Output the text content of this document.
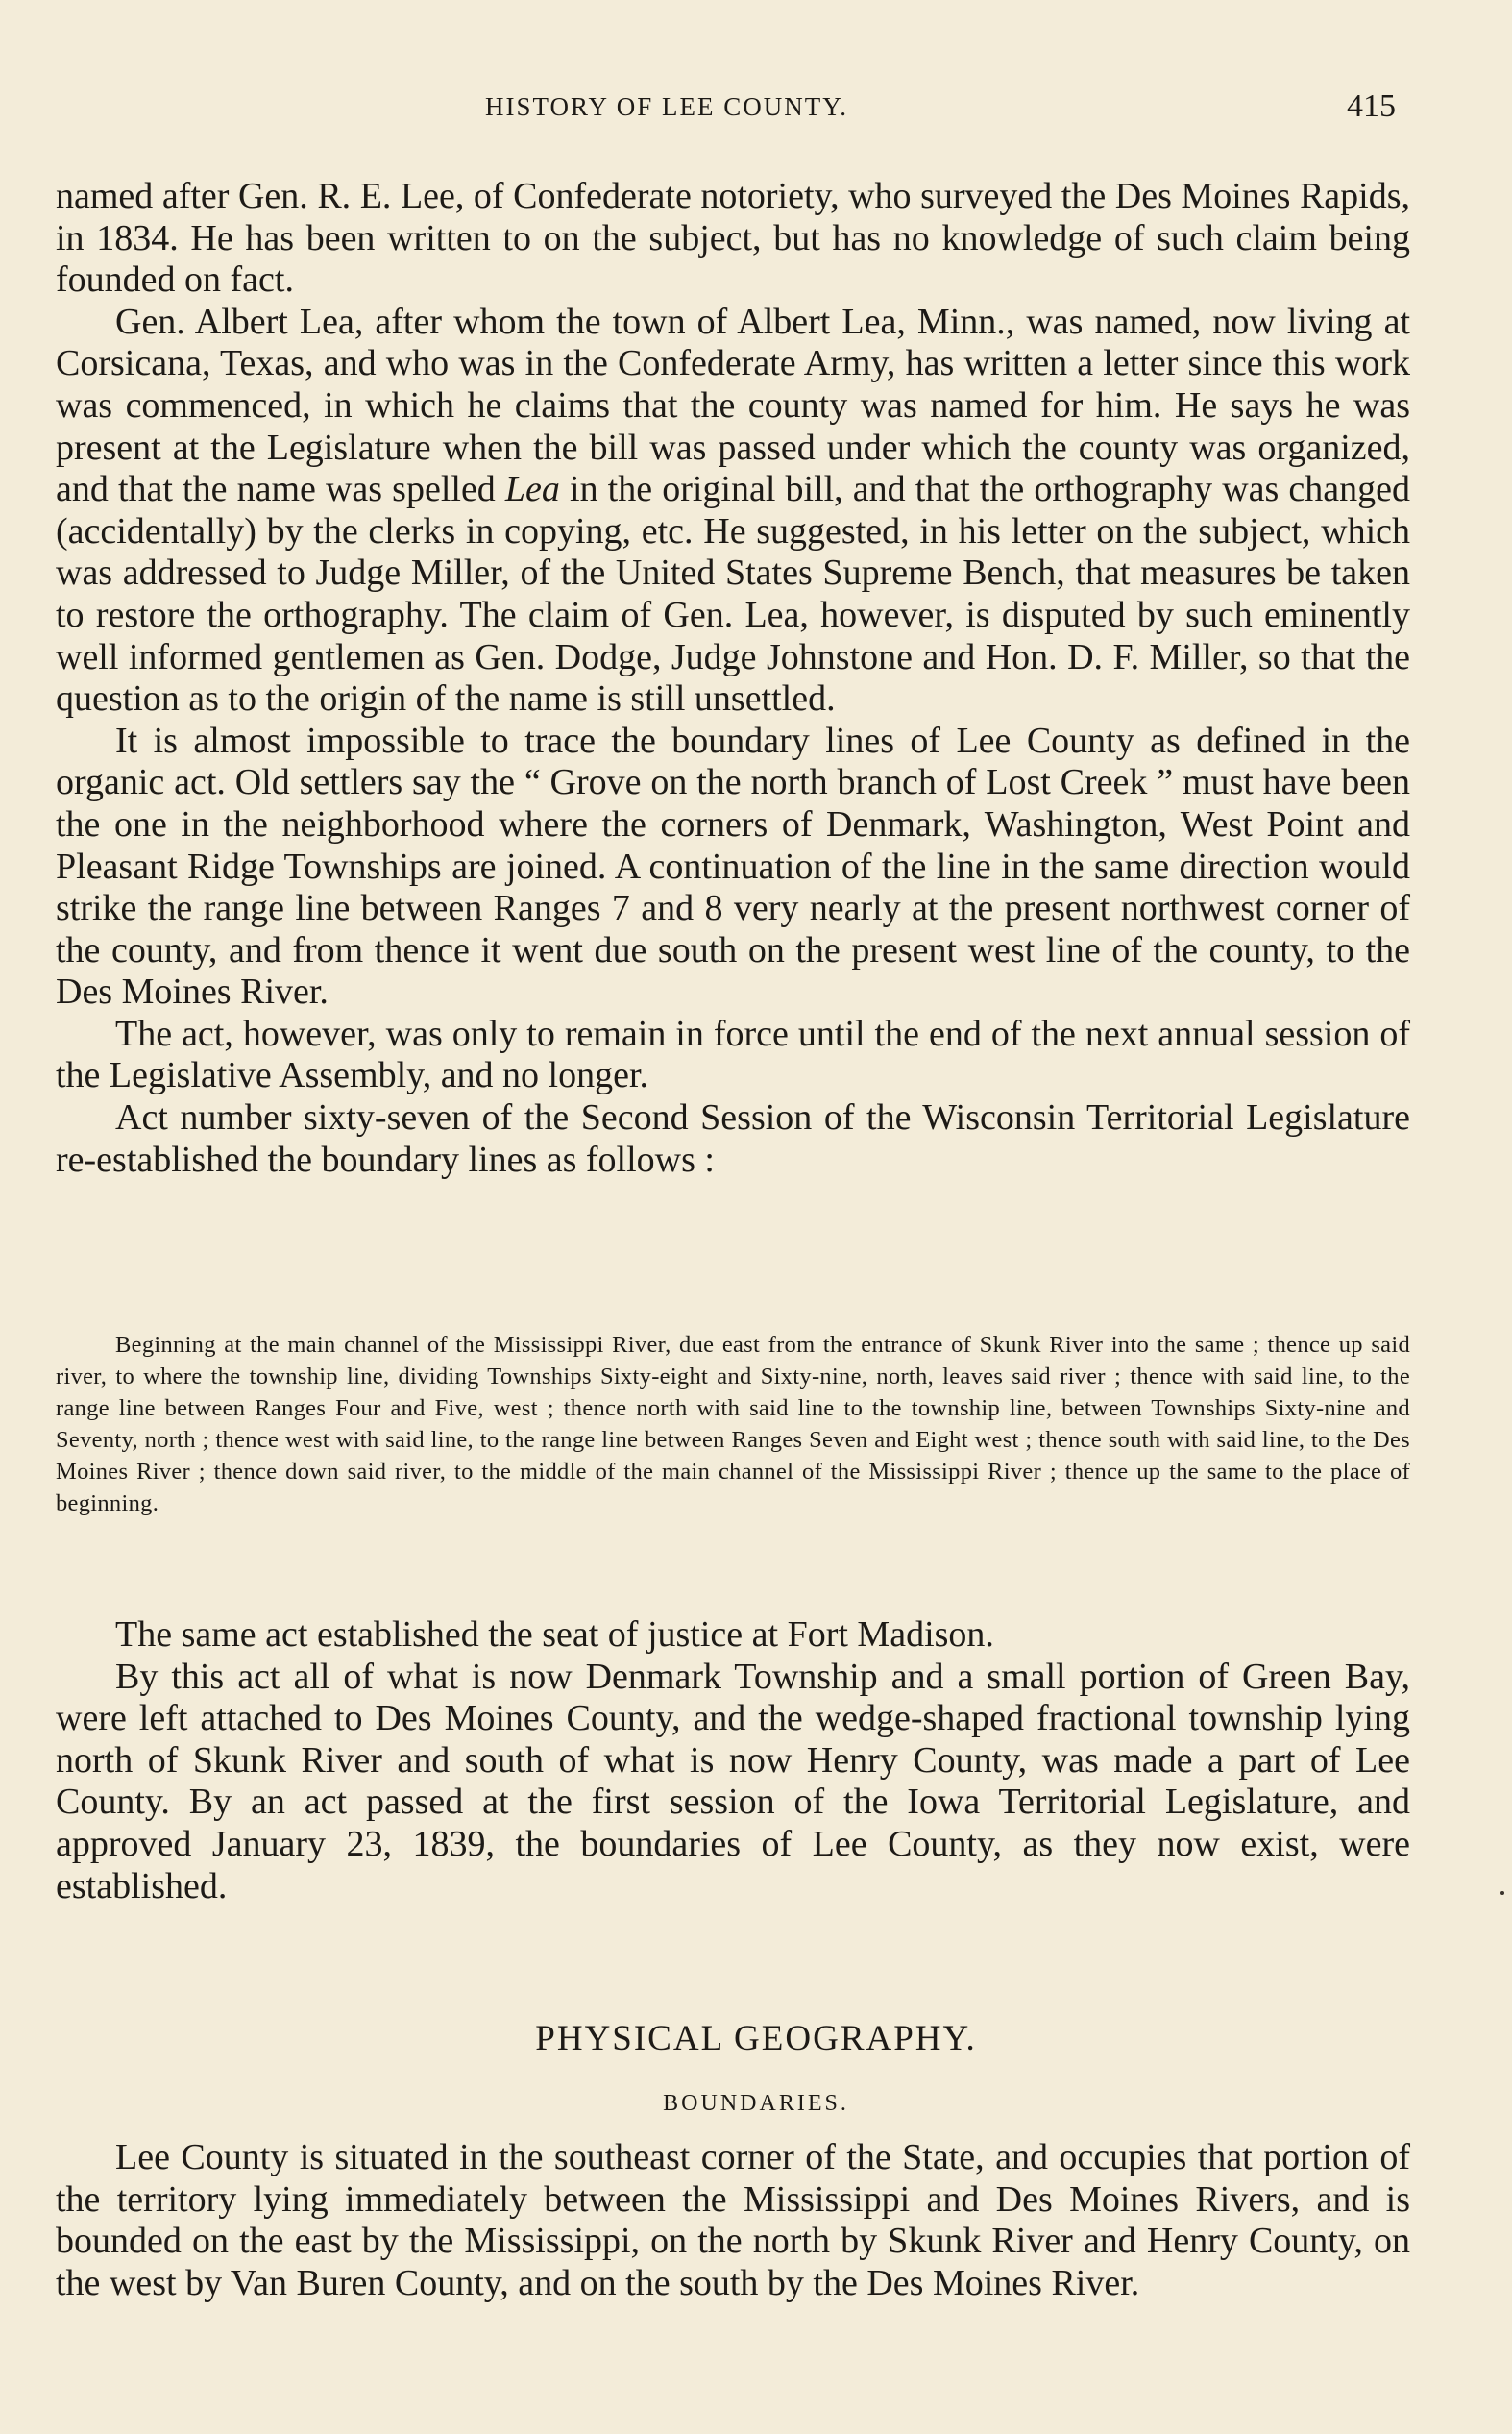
HISTORY OF LEE COUNTY.	415

named after Gen. R. E. Lee, of Confederate notoriety, who surveyed the Des Moines Rapids, in 1834. He has been written to on the subject, but has no knowledge of such claim being founded on fact.

Gen. Albert Lea, after whom the town of Albert Lea, Minn., was named, now living at Corsicana, Texas, and who was in the Confederate Army, has written a letter since this work was commenced, in which he claims that the county was named for him. He says he was present at the Legislature when the bill was passed under which the county was organized, and that the name was spelled Lea in the original bill, and that the orthography was changed (accidentally) by the clerks in copying, etc. He suggested, in his letter on the subject, which was addressed to Judge Miller, of the United States Supreme Bench, that measures be taken to restore the orthography. The claim of Gen. Lea, however, is disputed by such eminently well informed gentlemen as Gen. Dodge, Judge Johnstone and Hon. D. F. Miller, so that the question as to the origin of the name is still unsettled.

It is almost impossible to trace the boundary lines of Lee County as defined in the organic act. Old settlers say the “ Grove on the north branch of Lost Creek ” must have been the one in the neighborhood where the corners of Denmark, Washington, West Point and Pleasant Ridge Townships are joined. A continuation of the line in the same direction would strike the range line between Ranges 7 and 8 very nearly at the present northwest corner of the county, and from thence it went due south on the present west line of the county, to the Des Moines River.

The act, however, was only to remain in force until the end of the next annual session of the Legislative Assembly, and no longer.

Act number sixty-seven of the Second Session of the Wisconsin Territorial Legislature re-established the boundary lines as follows :

Beginning at the main channel of the Mississippi River, due east from the entrance of Skunk River into the same ; thence up said river, to where the township line, dividing Townships Sixty-eight and Sixty-nine, north, leaves said river ; thence with said line, to the range line between Ranges Four and Five, west ; thence north with said line to the township line, between Townships Sixty-nine and Seventy, north ; thence west with said line, to the range line between Ranges Seven and Eight west ; thence south with said line, to the Des Moines River ; thence down said river, to the middle of the main channel of the Mississippi River ; thence up the same to the place of beginning.

The same act established the seat of justice at Fort Madison.

By this act all of what is now Denmark Township and a small portion of Green Bay, were left attached to Des Moines County, and the wedge-shaped fractional township lying north of Skunk River and south of what is now Henry County, was made a part of Lee County. By an act passed at the first session of the Iowa Territorial Legislature, and approved January 23, 1839, the boundaries of Lee County, as they now exist, were established.

PHYSICAL GEOGRAPHY.
BOUNDARIES.

Lee County is situated in the southeast corner of the State, and occupies that portion of the territory lying immediately between the Mississippi and Des Moines Rivers, and is bounded on the east by the Mississippi, on the north by Skunk River and Henry County, on the west by Van Buren County, and on the south by the Des Moines River.
